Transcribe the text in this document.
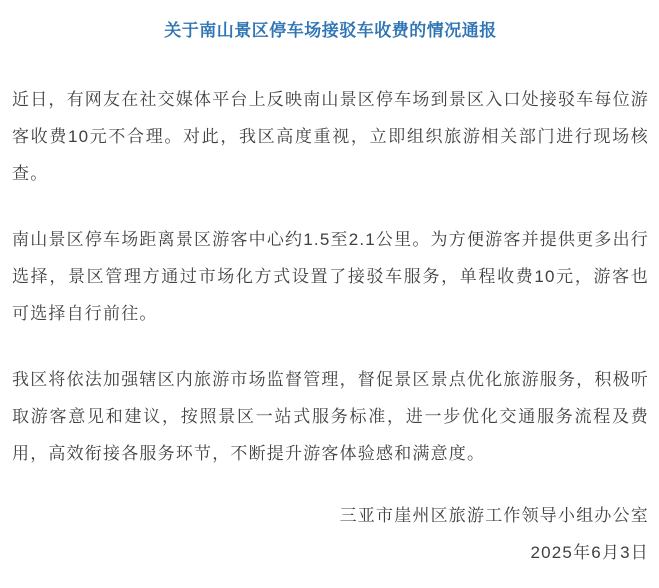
关于南山景区停车场接驳车收费的情况通报

近日，有网友在社交媒体平台上反映南山景区停车场到景区入口处接驳车每位游客收费10元不合理。对此，我区高度重视，立即组织旅游相关部门进行现场核查。

南山景区停车场距离景区游客中心约1.5至2.1公里。为方便游客并提供更多出行选择，景区管理方通过市场化方式设置了接驳车服务，单程收费10元，游客也可选择自行前往。

我区将依法加强辖区内旅游市场监督管理，督促景区景点优化旅游服务，积极听取游客意见和建议，按照景区一站式服务标准，进一步优化交通服务流程及费用，高效衔接各服务环节，不断提升游客体验感和满意度。

三亚市崖州区旅游工作领导小组办公室
2025年6月3日
